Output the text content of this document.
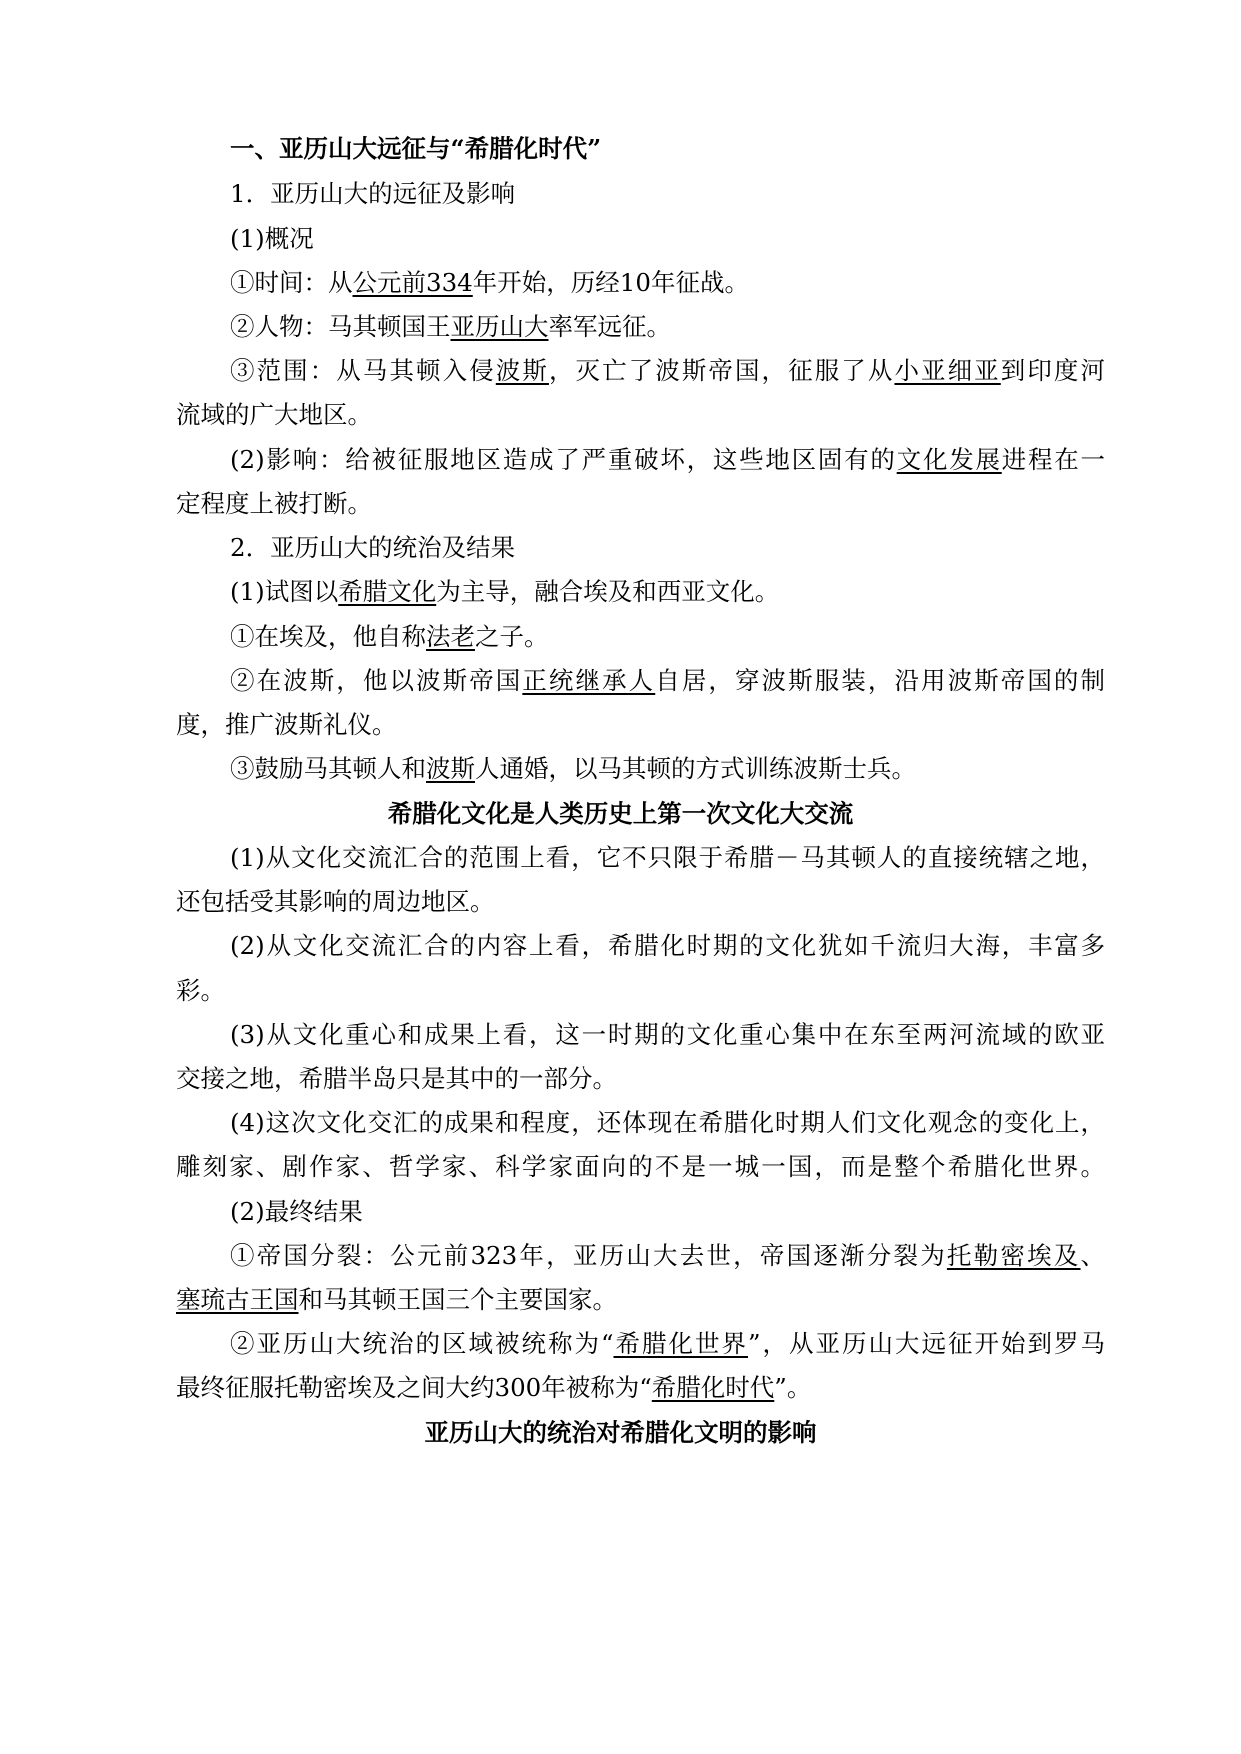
一、亚历山大远征与“希腊化时代”
1．亚历山大的远征及影响
(1)概况
①时间：从公元前334年开始，历经10年征战。
②人物：马其顿国王亚历山大率军远征。
③范围：从马其顿入侵波斯，灭亡了波斯帝国，征服了从小亚细亚到印度河
流域的广大地区。
(2)影响：给被征服地区造成了严重破坏，这些地区固有的文化发展进程在一
定程度上被打断。
2．亚历山大的统治及结果
(1)试图以希腊文化为主导，融合埃及和西亚文化。
①在埃及，他自称法老之子。
②在波斯，他以波斯帝国正统继承人自居，穿波斯服装，沿用波斯帝国的制
度，推广波斯礼仪。
③鼓励马其顿人和波斯人通婚，以马其顿的方式训练波斯士兵。
希腊化文化是人类历史上第一次文化大交流
(1)从文化交流汇合的范围上看，它不只限于希腊－马其顿人的直接统辖之地，
还包括受其影响的周边地区。
(2)从文化交流汇合的内容上看，希腊化时期的文化犹如千流归大海，丰富多
彩。
(3)从文化重心和成果上看，这一时期的文化重心集中在东至两河流域的欧亚
交接之地，希腊半岛只是其中的一部分。
(4)这次文化交汇的成果和程度，还体现在希腊化时期人们文化观念的变化上，
雕刻家、剧作家、哲学家、科学家面向的不是一城一国，而是整个希腊化世界。
(2)最终结果
①帝国分裂：公元前323年，亚历山大去世，帝国逐渐分裂为托勒密埃及、
塞琉古王国和马其顿王国三个主要国家。
②亚历山大统治的区域被统称为“希腊化世界”，从亚历山大远征开始到罗马
最终征服托勒密埃及之间大约300年被称为“希腊化时代”。
亚历山大的统治对希腊化文明的影响
